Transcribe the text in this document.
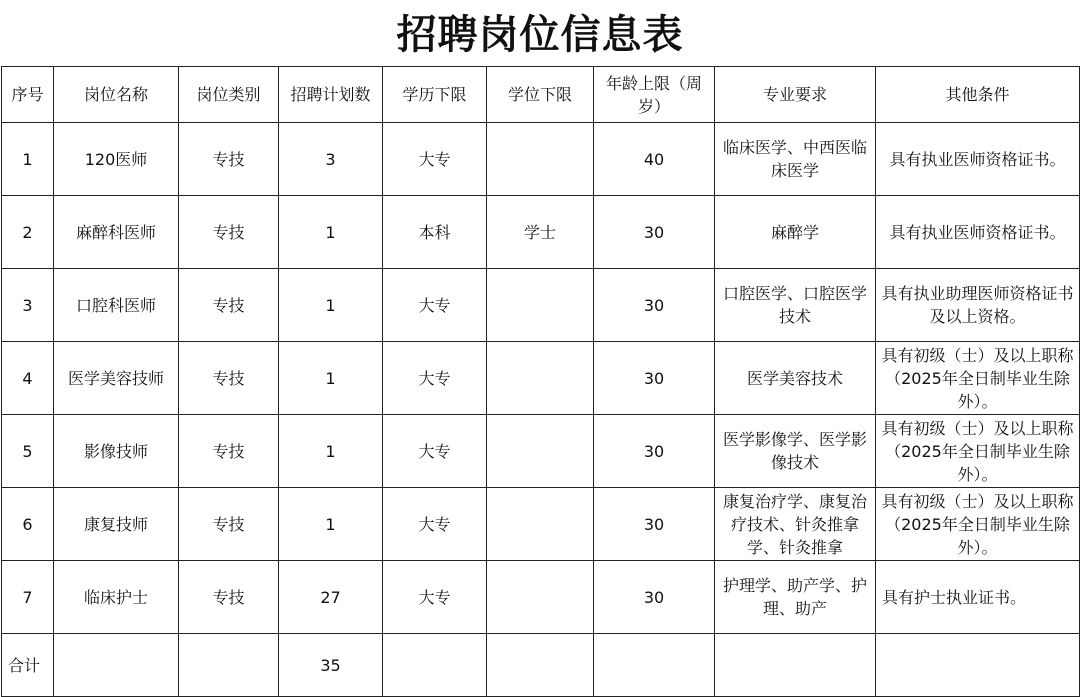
招聘岗位信息表
序号	岗位名称	岗位类别	招聘计划数	学历下限	学位下限	年龄上限（周岁）	专业要求	其他条件
1	120医师	专技	3	大专		40	临床医学、中西医临床医学	具有执业医师资格证书。
2	麻醉科医师	专技	1	本科	学士	30	麻醉学	具有执业医师资格证书。
3	口腔科医师	专技	1	大专		30	口腔医学、口腔医学技术	具有执业助理医师资格证书及以上资格。
4	医学美容技师	专技	1	大专		30	医学美容技术	具有初级（士）及以上职称（2025年全日制毕业生除外）。
5	影像技师	专技	1	大专		30	医学影像学、医学影像技术	具有初级（士）及以上职称（2025年全日制毕业生除外）。
6	康复技师	专技	1	大专		30	康复治疗学、康复治疗技术、针灸推拿学、针灸推拿	具有初级（士）及以上职称（2025年全日制毕业生除外）。
7	临床护士	专技	27	大专		30	护理学、助产学、护理、助产	具有护士执业证书。
合计			35					
